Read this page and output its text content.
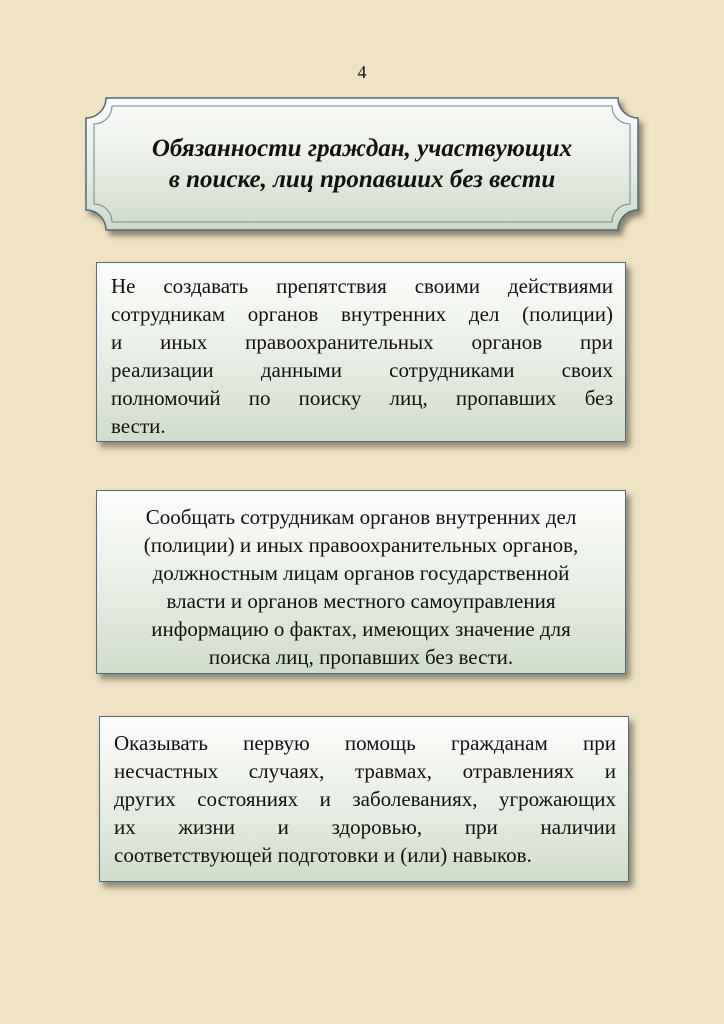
4
Обязанности граждан, участвующих
в поиске, лиц пропавших без вести
Не создавать препятствия своими действиями
сотрудникам органов внутренних дел (полиции)
и иных правоохранительных органов при
реализации данными сотрудниками своих
полномочий по поиску лиц, пропавших без
вести.
Сообщать сотрудникам органов внутренних дел
(полиции) и иных правоохранительных органов,
должностным лицам органов государственной
власти и органов местного самоуправления
информацию о фактах, имеющих значение для
поиска лиц, пропавших без вести.
Оказывать первую помощь гражданам при
несчастных случаях, травмах, отравлениях и
других состояниях и заболеваниях, угрожающих
их жизни и здоровью, при наличии
соответствующей подготовки и (или) навыков.
